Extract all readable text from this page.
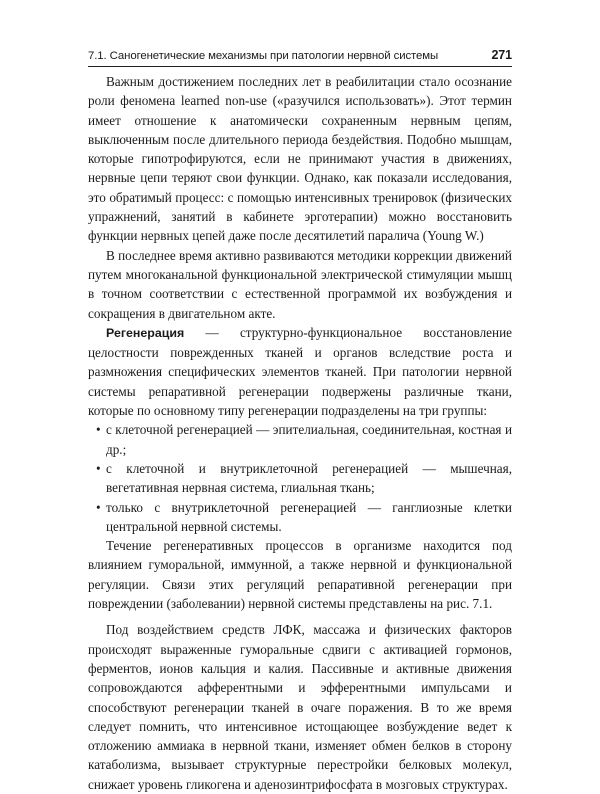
7.1. Саногенетические механизмы при патологии нервной системы	271

Важным достижением последних лет в реабилитации стало осознание роли феномена learned non-use («разучился использовать»). Этот термин имеет отношение к анатомически сохраненным нервным цепям, выключенным после длительного периода бездействия. Подобно мышцам, которые гипотрофируются, если не принимают участия в движениях, нервные цепи теряют свои функции. Однако, как показали исследования, это обратимый процесс: с помощью интенсивных тренировок (физических упражнений, занятий в кабинете эрготерапии) можно восстановить функции нервных цепей даже после десятилетий паралича (Young W.)

В последнее время активно развиваются методики коррекции движений путем многоканальной функциональной электрической стимуляции мышц в точном соответствии с естественной программой их возбуждения и сокращения в двигательном акте.

Регенерация — структурно-функциональное восстановление целостности поврежденных тканей и органов вследствие роста и размножения специфических элементов тканей. При патологии нервной системы репаративной регенерации подвержены различные ткани, которые по основному типу регенерации подразделены на три группы:

• с клеточной регенерацией — эпителиальная, соединительная, костная и др.;
• с клеточной и внутриклеточной регенерацией — мышечная, вегетативная нервная система, глиальная ткань;
• только с внутриклеточной регенерацией — ганглиозные клетки центральной нервной системы.

Течение регенеративных процессов в организме находится под влиянием гуморальной, иммунной, а также нервной и функциональной регуляции. Связи этих регуляций репаративной регенерации при повреждении (заболевании) нервной системы представлены на рис. 7.1.

Под воздействием средств ЛФК, массажа и физических факторов происходят выраженные гуморальные сдвиги с активацией гормонов, ферментов, ионов кальция и калия. Пассивные и активные движения сопровождаются афферентными и эфферентными импульсами и способствуют регенерации тканей в очаге поражения. В то же время следует помнить, что интенсивное истощающее возбуждение ведет к отложению аммиака в нервной ткани, изменяет обмен белков в сторону катаболизма, вызывает структурные перестройки белковых молекул, снижает уровень гликогена и аденозинтрифосфата в мозговых структурах.
